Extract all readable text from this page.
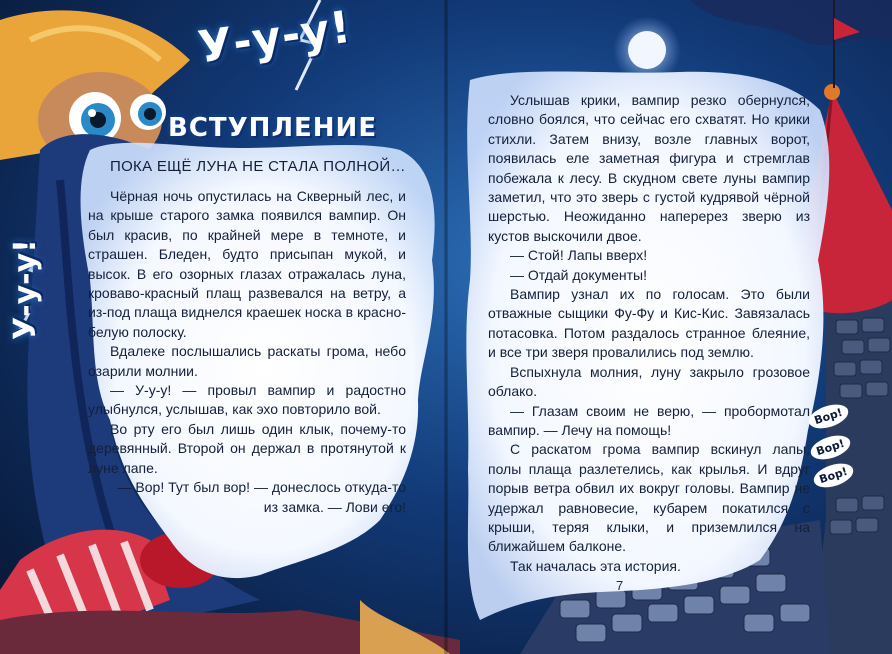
У-у-у!
У-у-у!
ВСТУПЛЕНИЕ
ПОКА ЕЩЁ ЛУНА НЕ СТАЛА ПОЛНОЙ…

Чёрная ночь опустилась на Скверный лес, и на крыше старого замка появился вампир. Он был красив, по крайней мере в темноте, и страшен. Бледен, будто присыпан мукой, и высок. В его озорных глазах отражалась луна, кроваво-красный плащ развевался на ветру, а из-под плаща виднелся краешек носка в красно-белую полоску.

Вдалеке послышались раскаты грома, небо озарили молнии.

— У-у-у! — провыл вампир и радостно улыбнулся, услышав, как эхо повторило вой.

Во рту его был лишь один клык, почему-то деревянный. Второй он держал в протянутой к луне лапе.

— Вор! Тут был вор! — донеслось откуда-то из замка. — Лови его!

Услышав крики, вампир резко обернулся, словно боялся, что сейчас его схватят. Но крики стихли. Затем внизу, возле главных ворот, появилась еле заметная фигура и стремглав побежала к лесу. В скудном свете луны вампир заметил, что это зверь с густой кудрявой чёрной шерстью. Неожиданно наперерез зверю из кустов выскочили двое.

— Стой! Лапы вверх!

— Отдай документы!

Вампир узнал их по голосам. Это были отважные сыщики Фу-Фу и Кис-Кис. Завязалась потасовка. Потом раздалось странное блеяние, и все три зверя провалились под землю.

Вспыхнула молния, луну закрыло грозовое облако.

— Глазам своим не верю, — пробормотал вампир. — Лечу на помощь!

С раскатом грома вампир вскинул лапы, полы плаща разлетелись, как крылья. И вдруг порыв ветра обвил их вокруг головы. Вампир не удержал равновесие, кубарем покатился с крыши, теряя клыки, и приземлился на ближайшем балконе.

Так началась эта история.

Вор!
Вор!
Вор!
6	7
